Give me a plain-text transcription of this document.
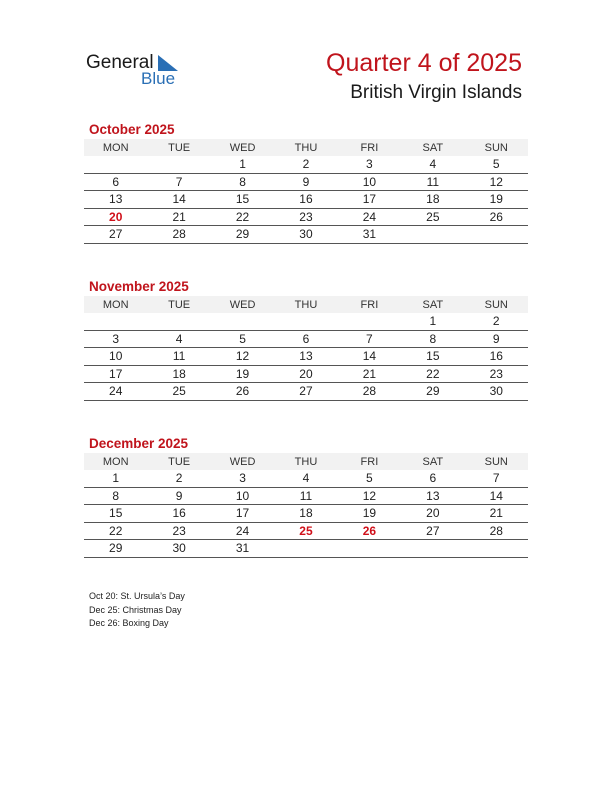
General
Blue
Quarter 4 of 2025
British Virgin Islands
October 2025
MON	TUE	WED	THU	FRI	SAT	SUN
		1	2	3	4	5
6	7	8	9	10	11	12
13	14	15	16	17	18	19
20	21	22	23	24	25	26
27	28	29	30	31		
November 2025
MON	TUE	WED	THU	FRI	SAT	SUN
					1	2
3	4	5	6	7	8	9
10	11	12	13	14	15	16
17	18	19	20	21	22	23
24	25	26	27	28	29	30
December 2025
MON	TUE	WED	THU	FRI	SAT	SUN
1	2	3	4	5	6	7
8	9	10	11	12	13	14
15	16	17	18	19	20	21
22	23	24	25	26	27	28
29	30	31				
Oct 20: St. Ursula’s Day
Dec 25: Christmas Day
Dec 26: Boxing Day
